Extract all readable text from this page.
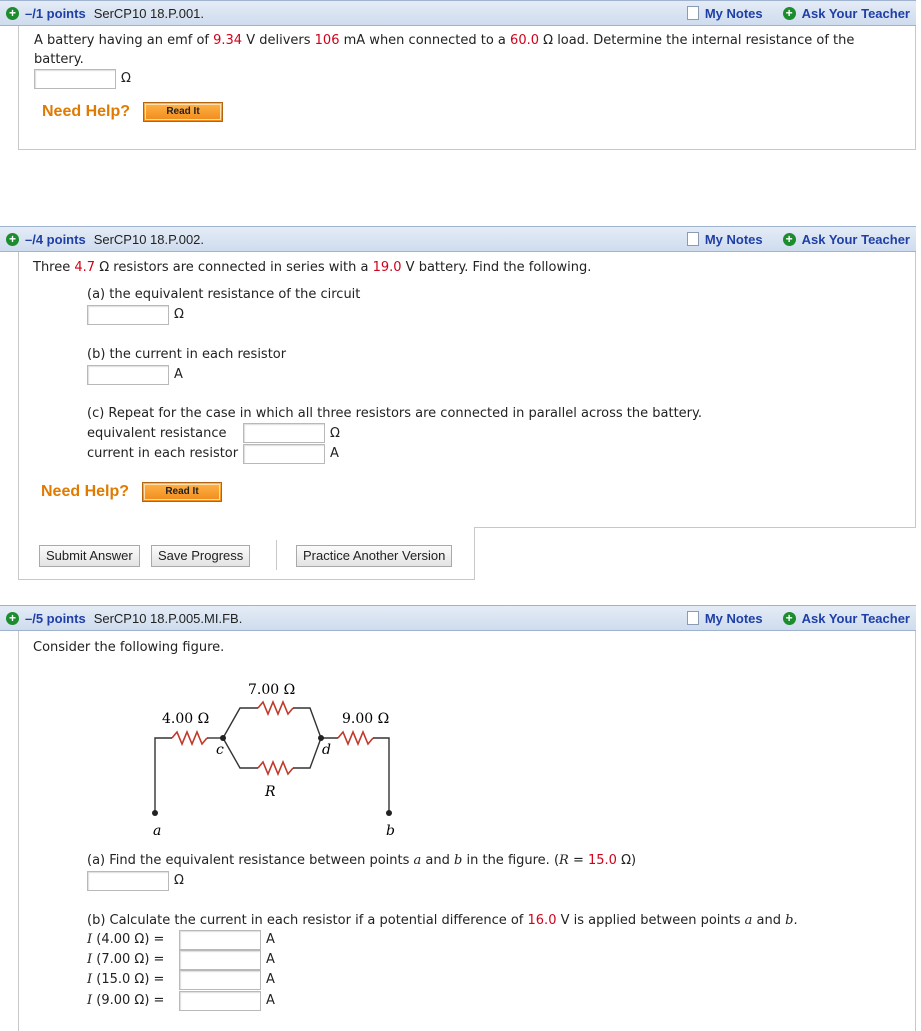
+ –/1 points SerCP10 18.P.001.	My Notes + Ask Your Teacher
A battery having an emf of 9.34 V delivers 106 mA when connected to a 60.0 Ω load. Determine the internal resistance of the
battery.
Ω
Need Help?	Read It
+ –/4 points SerCP10 18.P.002.	My Notes + Ask Your Teacher
Three 4.7 Ω resistors are connected in series with a 19.0 V battery. Find the following.
(a) the equivalent resistance of the circuit
Ω
(b) the current in each resistor
A
(c) Repeat for the case in which all three resistors are connected in parallel across the battery.
equivalent resistance	Ω
current in each resistor	A
Need Help?	Read It
Submit Answer	Save Progress	Practice Another Version
+ –/5 points SerCP10 18.P.005.MI.FB.	My Notes + Ask Your Teacher
Consider the following figure.
7.00 Ω
4.00 Ω	9.00 Ω
R
c	d
a	b
(a) Find the equivalent resistance between points a and b in the figure. (R = 15.0 Ω)
Ω
(b) Calculate the current in each resistor if a potential difference of 16.0 V is applied between points a and b.
I (4.00 Ω) =	A
I (7.00 Ω) =	A
I (15.0 Ω) =	A
I (9.00 Ω) =	A
